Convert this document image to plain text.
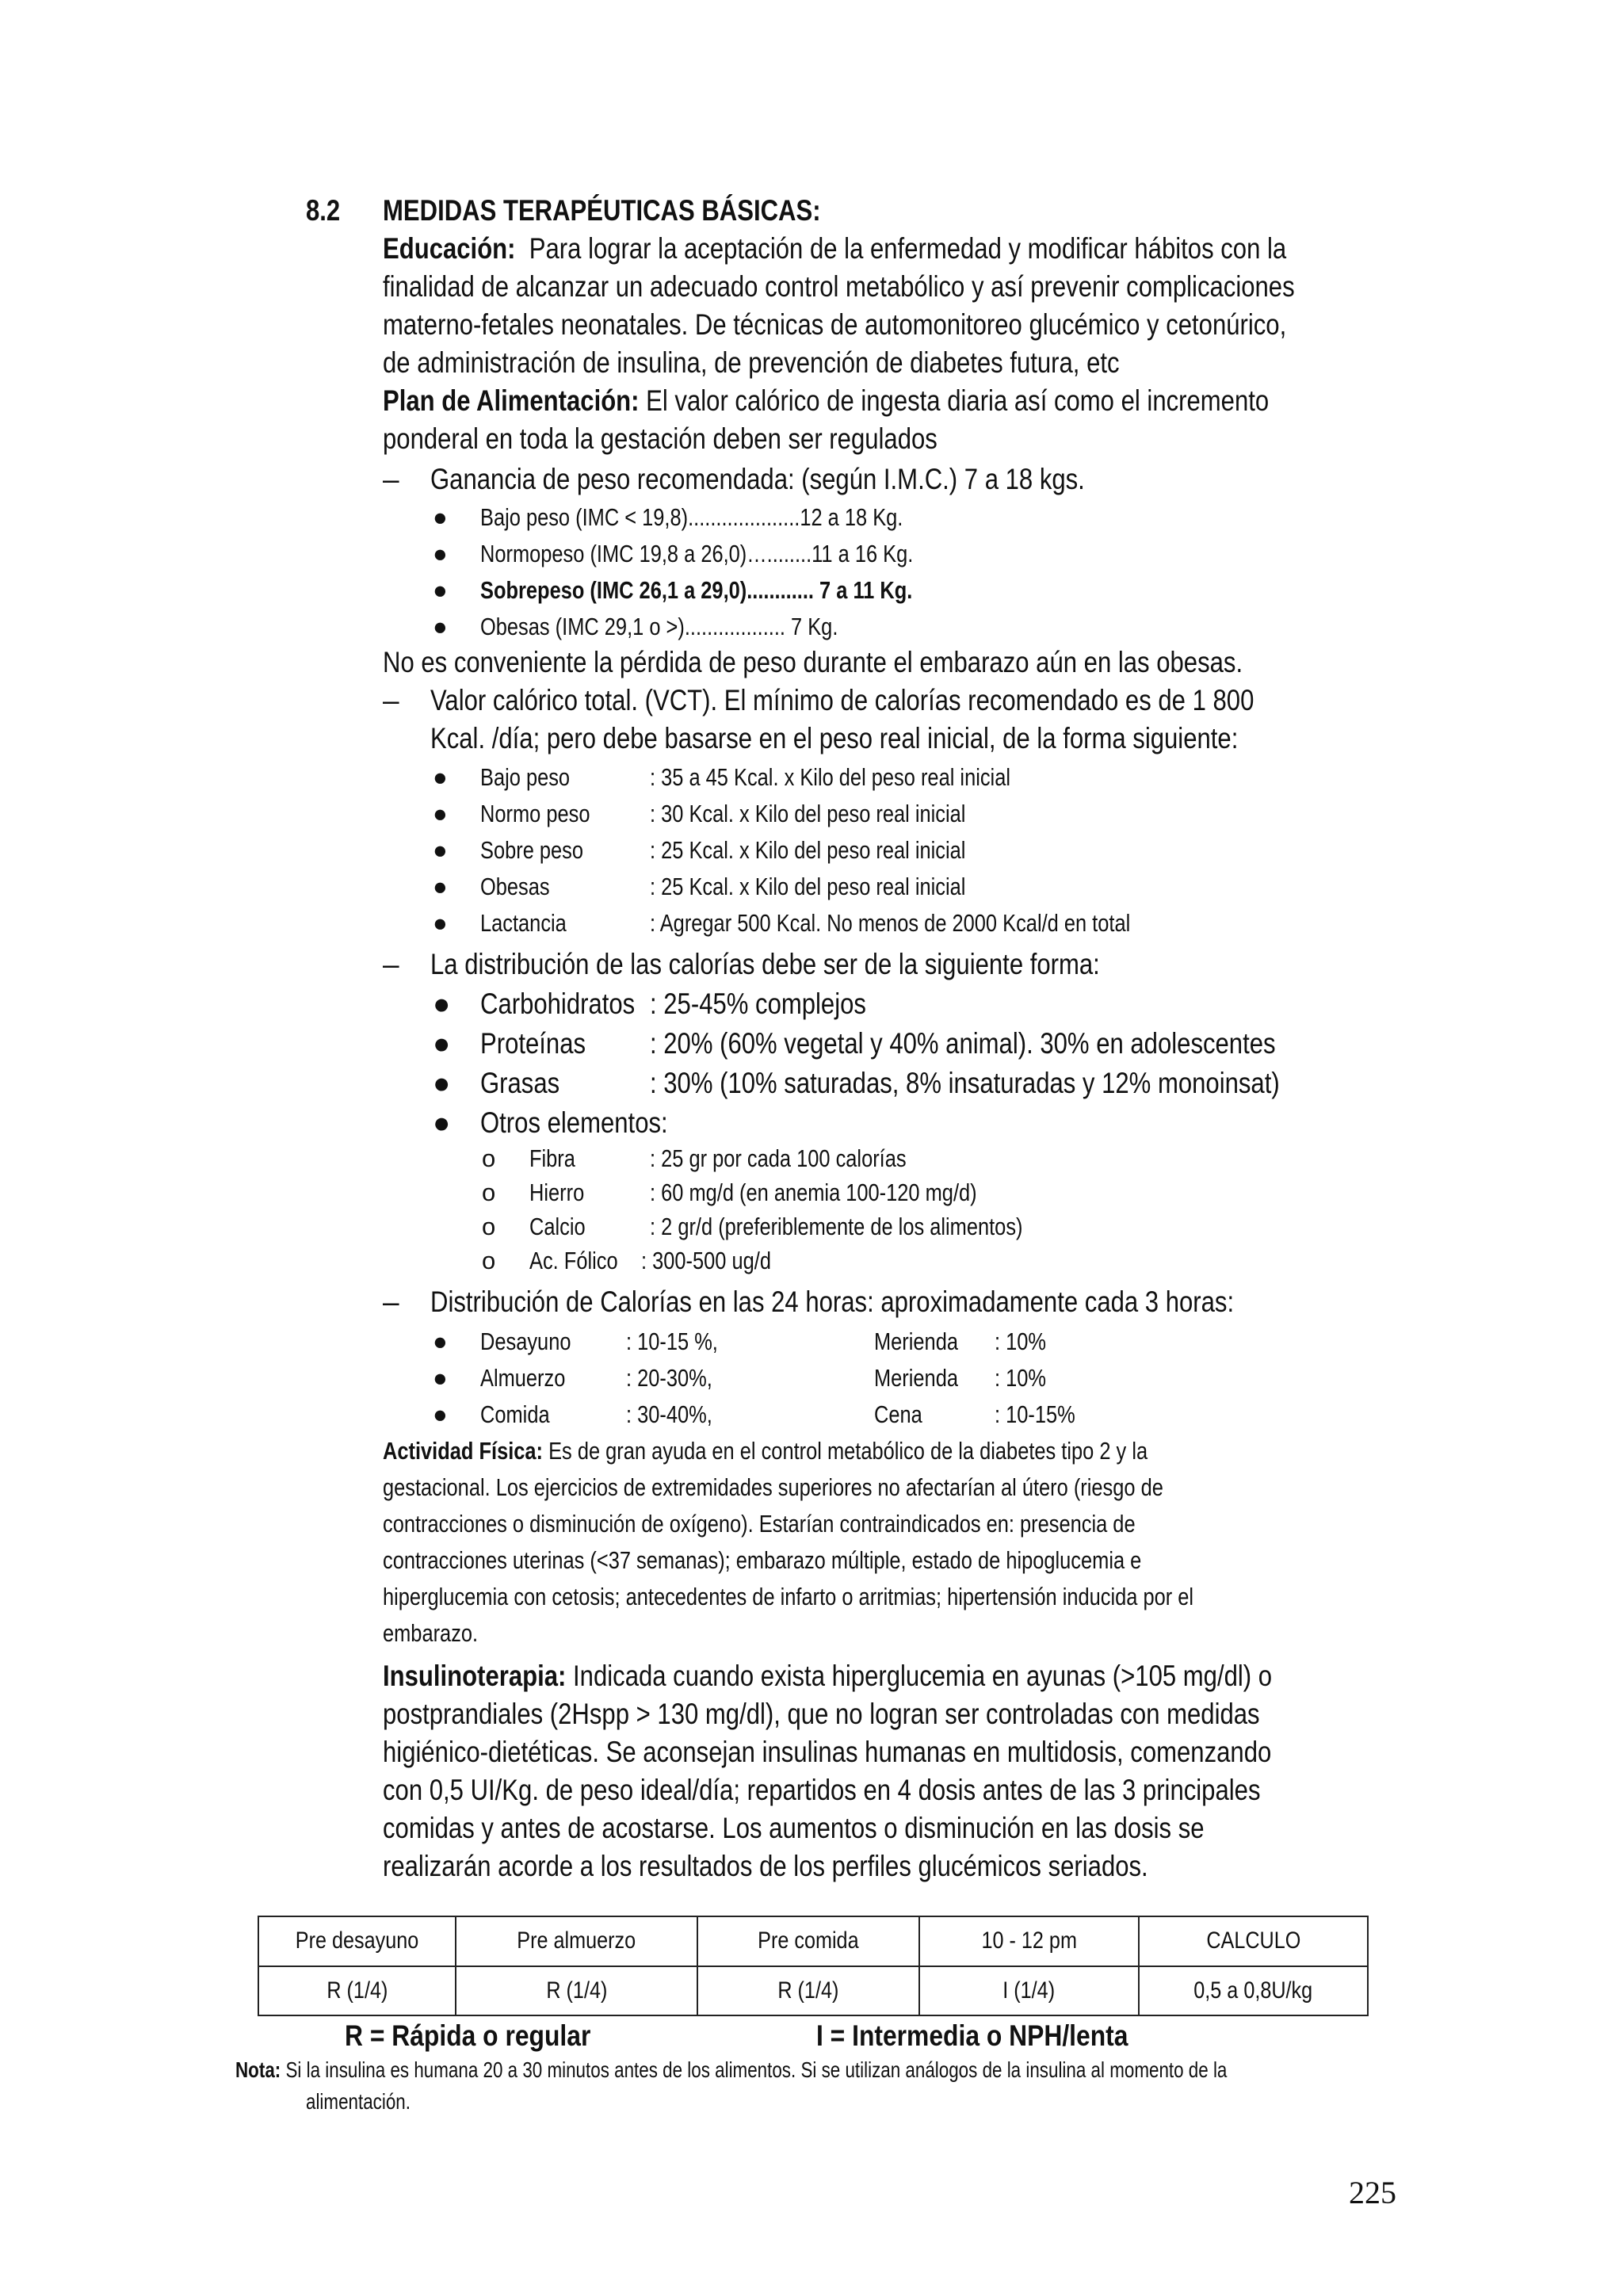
8.2 MEDIDAS TERAPÉUTICAS BÁSICAS:
Educación: Para lograr la aceptación de la enfermedad y modificar hábitos con la
finalidad de alcanzar un adecuado control metabólico y así prevenir complicaciones
materno-fetales neonatales. De técnicas de automonitoreo glucémico y cetonúrico,
de administración de insulina, de prevención de diabetes futura, etc
Plan de Alimentación: El valor calórico de ingesta diaria así como el incremento
ponderal en toda la gestación deben ser regulados
– Ganancia de peso recomendada: (según I.M.C.) 7 a 18 kgs.
● Bajo peso (IMC < 19,8)....................12 a 18 Kg.
● Normopeso (IMC 19,8 a 26,0)…........11 a 16 Kg.
● Sobrepeso (IMC 26,1 a 29,0)............ 7 a 11 Kg.
● Obesas (IMC 29,1 o >).................. 7 Kg.
No es conveniente la pérdida de peso durante el embarazo aún en las obesas.
– Valor calórico total. (VCT). El mínimo de calorías recomendado es de 1 800
Kcal. /día; pero debe basarse en el peso real inicial, de la forma siguiente:
● Bajo peso	: 35 a 45 Kcal. x Kilo del peso real inicial
● Normo peso	: 30 Kcal. x Kilo del peso real inicial
● Sobre peso	: 25 Kcal. x Kilo del peso real inicial
● Obesas	: 25 Kcal. x Kilo del peso real inicial
● Lactancia	: Agregar 500 Kcal. No menos de 2000 Kcal/d en total
– La distribución de las calorías debe ser de la siguiente forma:
● Carbohidratos : 25-45% complejos
● Proteínas	: 20% (60% vegetal y 40% animal). 30% en adolescentes
● Grasas	: 30% (10% saturadas, 8% insaturadas y 12% monoinsat)
● Otros elementos:
o Fibra	: 25 gr por cada 100 calorías
o Hierro	: 60 mg/d (en anemia 100-120 mg/d)
o Calcio	: 2 gr/d (preferiblemente de los alimentos)
o Ac. Fólico : 300-500 ug/d
– Distribución de Calorías en las 24 horas: aproximadamente cada 3 horas:
● Desayuno	: 10-15 %,	Merienda	: 10%
● Almuerzo	: 20-30%,	Merienda	: 10%
● Comida	: 30-40%,	Cena	: 10-15%
Actividad Física: Es de gran ayuda en el control metabólico de la diabetes tipo 2 y la
gestacional. Los ejercicios de extremidades superiores no afectarían al útero (riesgo de
contracciones o disminución de oxígeno). Estarían contraindicados en: presencia de
contracciones uterinas (<37 semanas); embarazo múltiple, estado de hipoglucemia e
hiperglucemia con cetosis; antecedentes de infarto o arritmias; hipertensión inducida por el
embarazo.
Insulinoterapia: Indicada cuando exista hiperglucemia en ayunas (>105 mg/dl) o
postprandiales (2Hspp > 130 mg/dl), que no logran ser controladas con medidas
higiénico-dietéticas. Se aconsejan insulinas humanas en multidosis, comenzando
con 0,5 UI/Kg. de peso ideal/día; repartidos en 4 dosis antes de las 3 principales
comidas y antes de acostarse. Los aumentos o disminución en las dosis se
realizarán acorde a los resultados de los perfiles glucémicos seriados.
Pre desayuno	Pre almuerzo	Pre comida	10 - 12 pm	CALCULO
R (1/4)	R (1/4)	R (1/4)	I (1/4)	0,5 a 0,8U/kg
R = Rápida o regular	I = Intermedia o NPH/lenta
Nota: Si la insulina es humana 20 a 30 minutos antes de los alimentos. Si se utilizan análogos de la insulina al momento de la
alimentación.
225
